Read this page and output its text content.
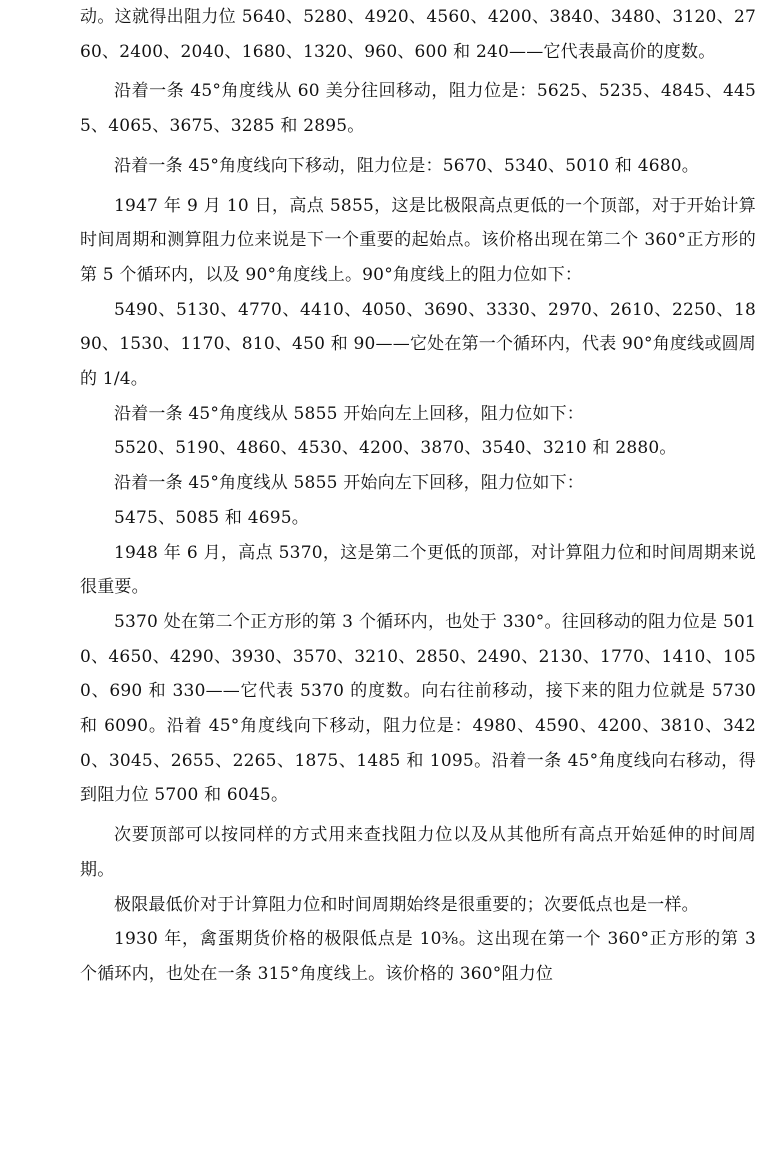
动。这就得出阻力位 5640、5280、4920、4560、4200、3840、3480、3120、2760、2400、2040、1680、1320、960、600 和 240——它代表最高价的度数。

沿着一条 45°角度线从 60 美分往回移动，阻力位是：5625、5235、4845、4455、4065、3675、3285 和 2895。

沿着一条 45°角度线向下移动，阻力位是：5670、5340、5010 和 4680。

1947 年 9 月 10 日，高点 5855，这是比极限高点更低的一个顶部，对于开始计算时间周期和测算阻力位来说是下一个重要的起始点。该价格出现在第二个 360°正方形的第 5 个循环内，以及 90°角度线上。90°角度线上的阻力位如下：

5490、5130、4770、4410、4050、3690、3330、2970、2610、2250、1890、1530、1170、810、450 和 90——它处在第一个循环内，代表 90°角度线或圆周的 1/4。

沿着一条 45°角度线从 5855 开始向左上回移，阻力位如下：

5520、5190、4860、4530、4200、3870、3540、3210 和 2880。

沿着一条 45°角度线从 5855 开始向左下回移，阻力位如下：

5475、5085 和 4695。

1948 年 6 月，高点 5370，这是第二个更低的顶部，对计算阻力位和时间周期来说很重要。

5370 处在第二个正方形的第 3 个循环内，也处于 330°。往回移动的阻力位是 5010、4650、4290、3930、3570、3210、2850、2490、2130、1770、1410、1050、690 和 330——它代表 5370 的度数。向右往前移动，接下来的阻力位就是 5730 和 6090。沿着 45°角度线向下移动，阻力位是：4980、4590、4200、3810、3420、3045、2655、2265、1875、1485 和 1095。沿着一条 45°角度线向右移动，得到阻力位 5700 和 6045。

次要顶部可以按同样的方式用来查找阻力位以及从其他所有高点开始延伸的时间周期。

极限最低价对于计算阻力位和时间周期始终是很重要的；次要低点也是一样。

1930 年，禽蛋期货价格的极限低点是 10⅜。这出现在第一个 360°正方形的第 3 个循环内，也处在一条 315°角度线上。该价格的 360°阻力位
